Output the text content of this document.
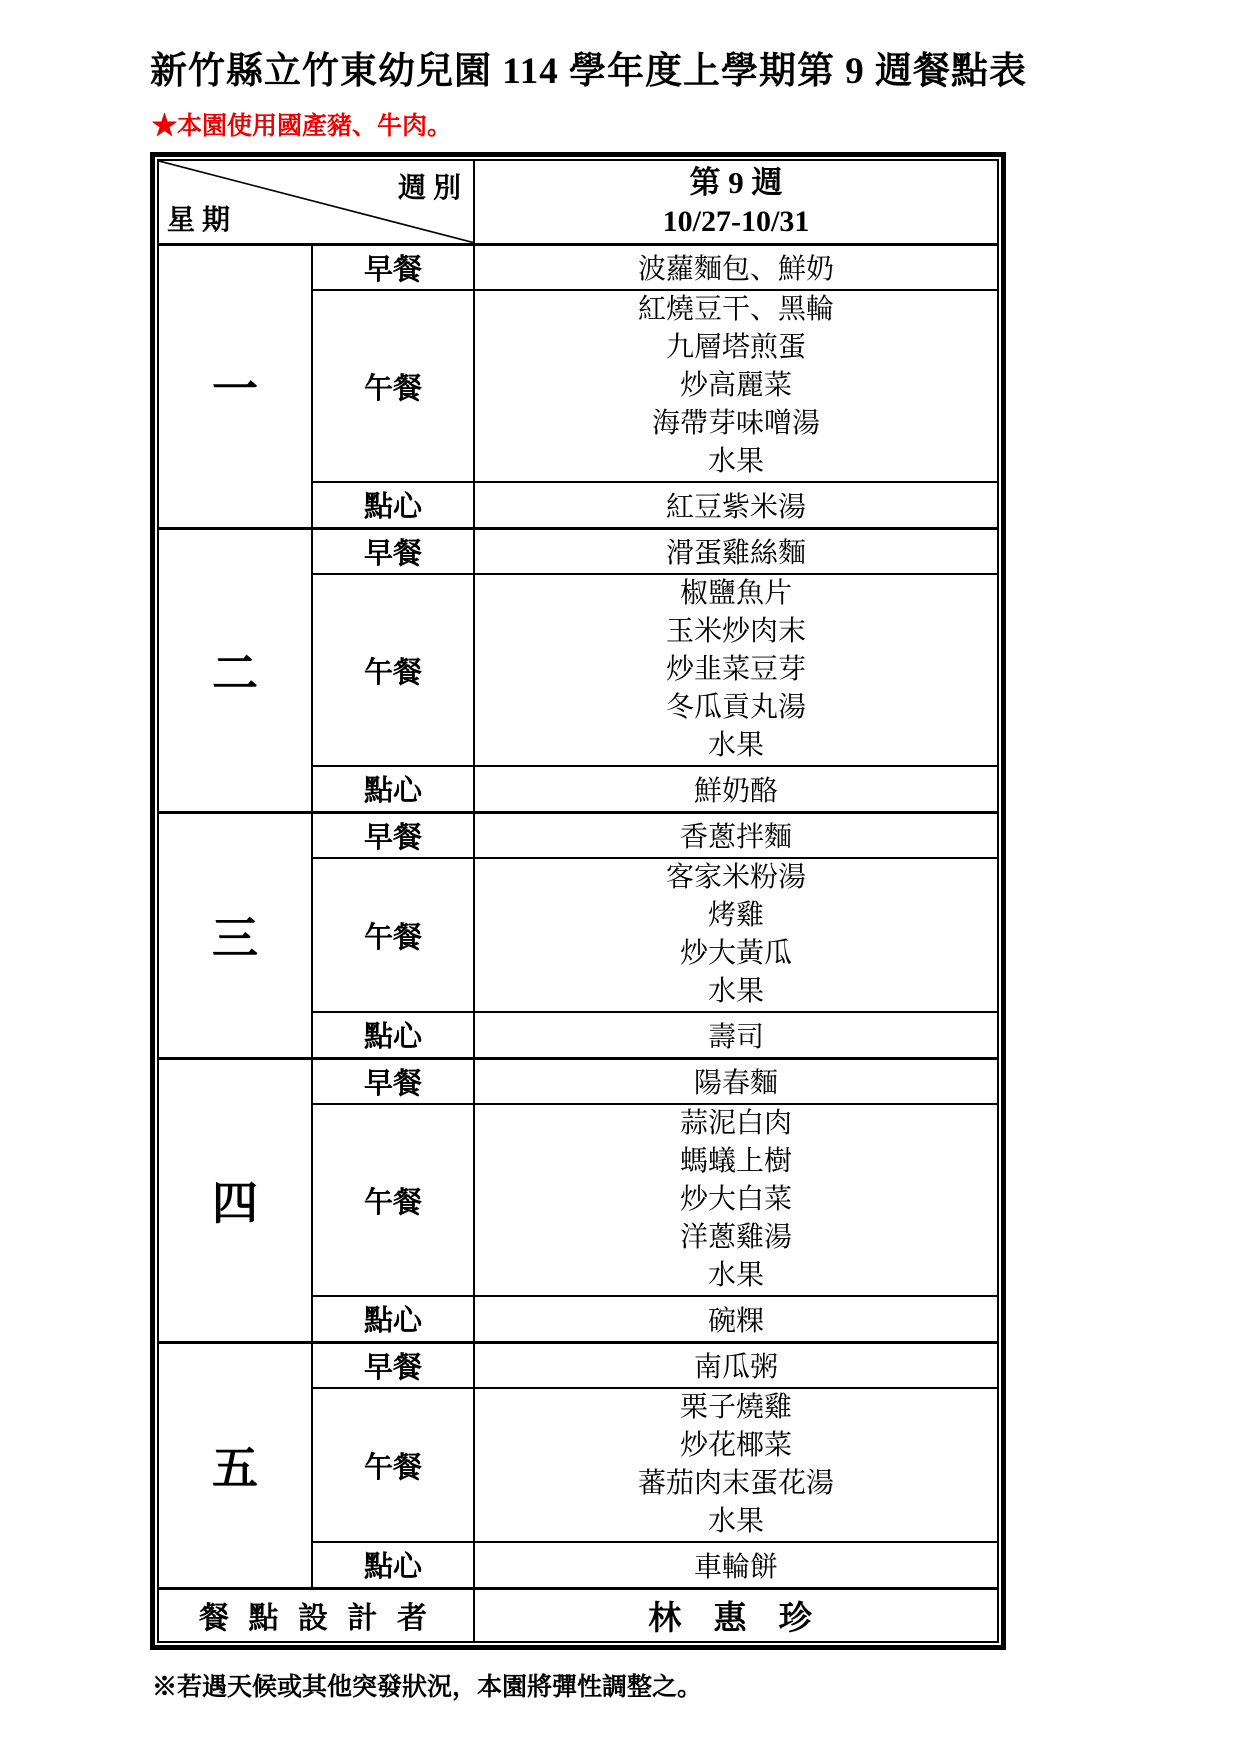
新竹縣立竹東幼兒園 114 學年度上學期第 9 週餐點表
★本園使用國產豬、牛肉。
週 別
星 期

第 9 週
10/27-10/31

一	早餐	波蘿麵包、鮮奶
	午餐	紅燒豆干、黑輪
九層塔煎蛋
炒高麗菜
海帶芽味噌湯
水果

	點心	紅豆紫米湯
二	早餐	滑蛋雞絲麵
	午餐	椒鹽魚片
玉米炒肉末
炒韭菜豆芽
冬瓜貢丸湯
水果

	點心	鮮奶酪
三	早餐	香蔥拌麵
	午餐	客家米粉湯
烤雞
炒大黃瓜
水果

	點心	壽司
四	早餐	陽春麵
	午餐	蒜泥白肉
螞蟻上樹
炒大白菜
洋蔥雞湯
水果

	點心	碗粿
五	早餐	南瓜粥
	午餐	栗子燒雞
炒花椰菜
蕃茄肉末蛋花湯
水果

	點心	車輪餅
餐 點 設 計 者		林 惠 珍
※若遇天候或其他突發狀況，本園將彈性調整之。
